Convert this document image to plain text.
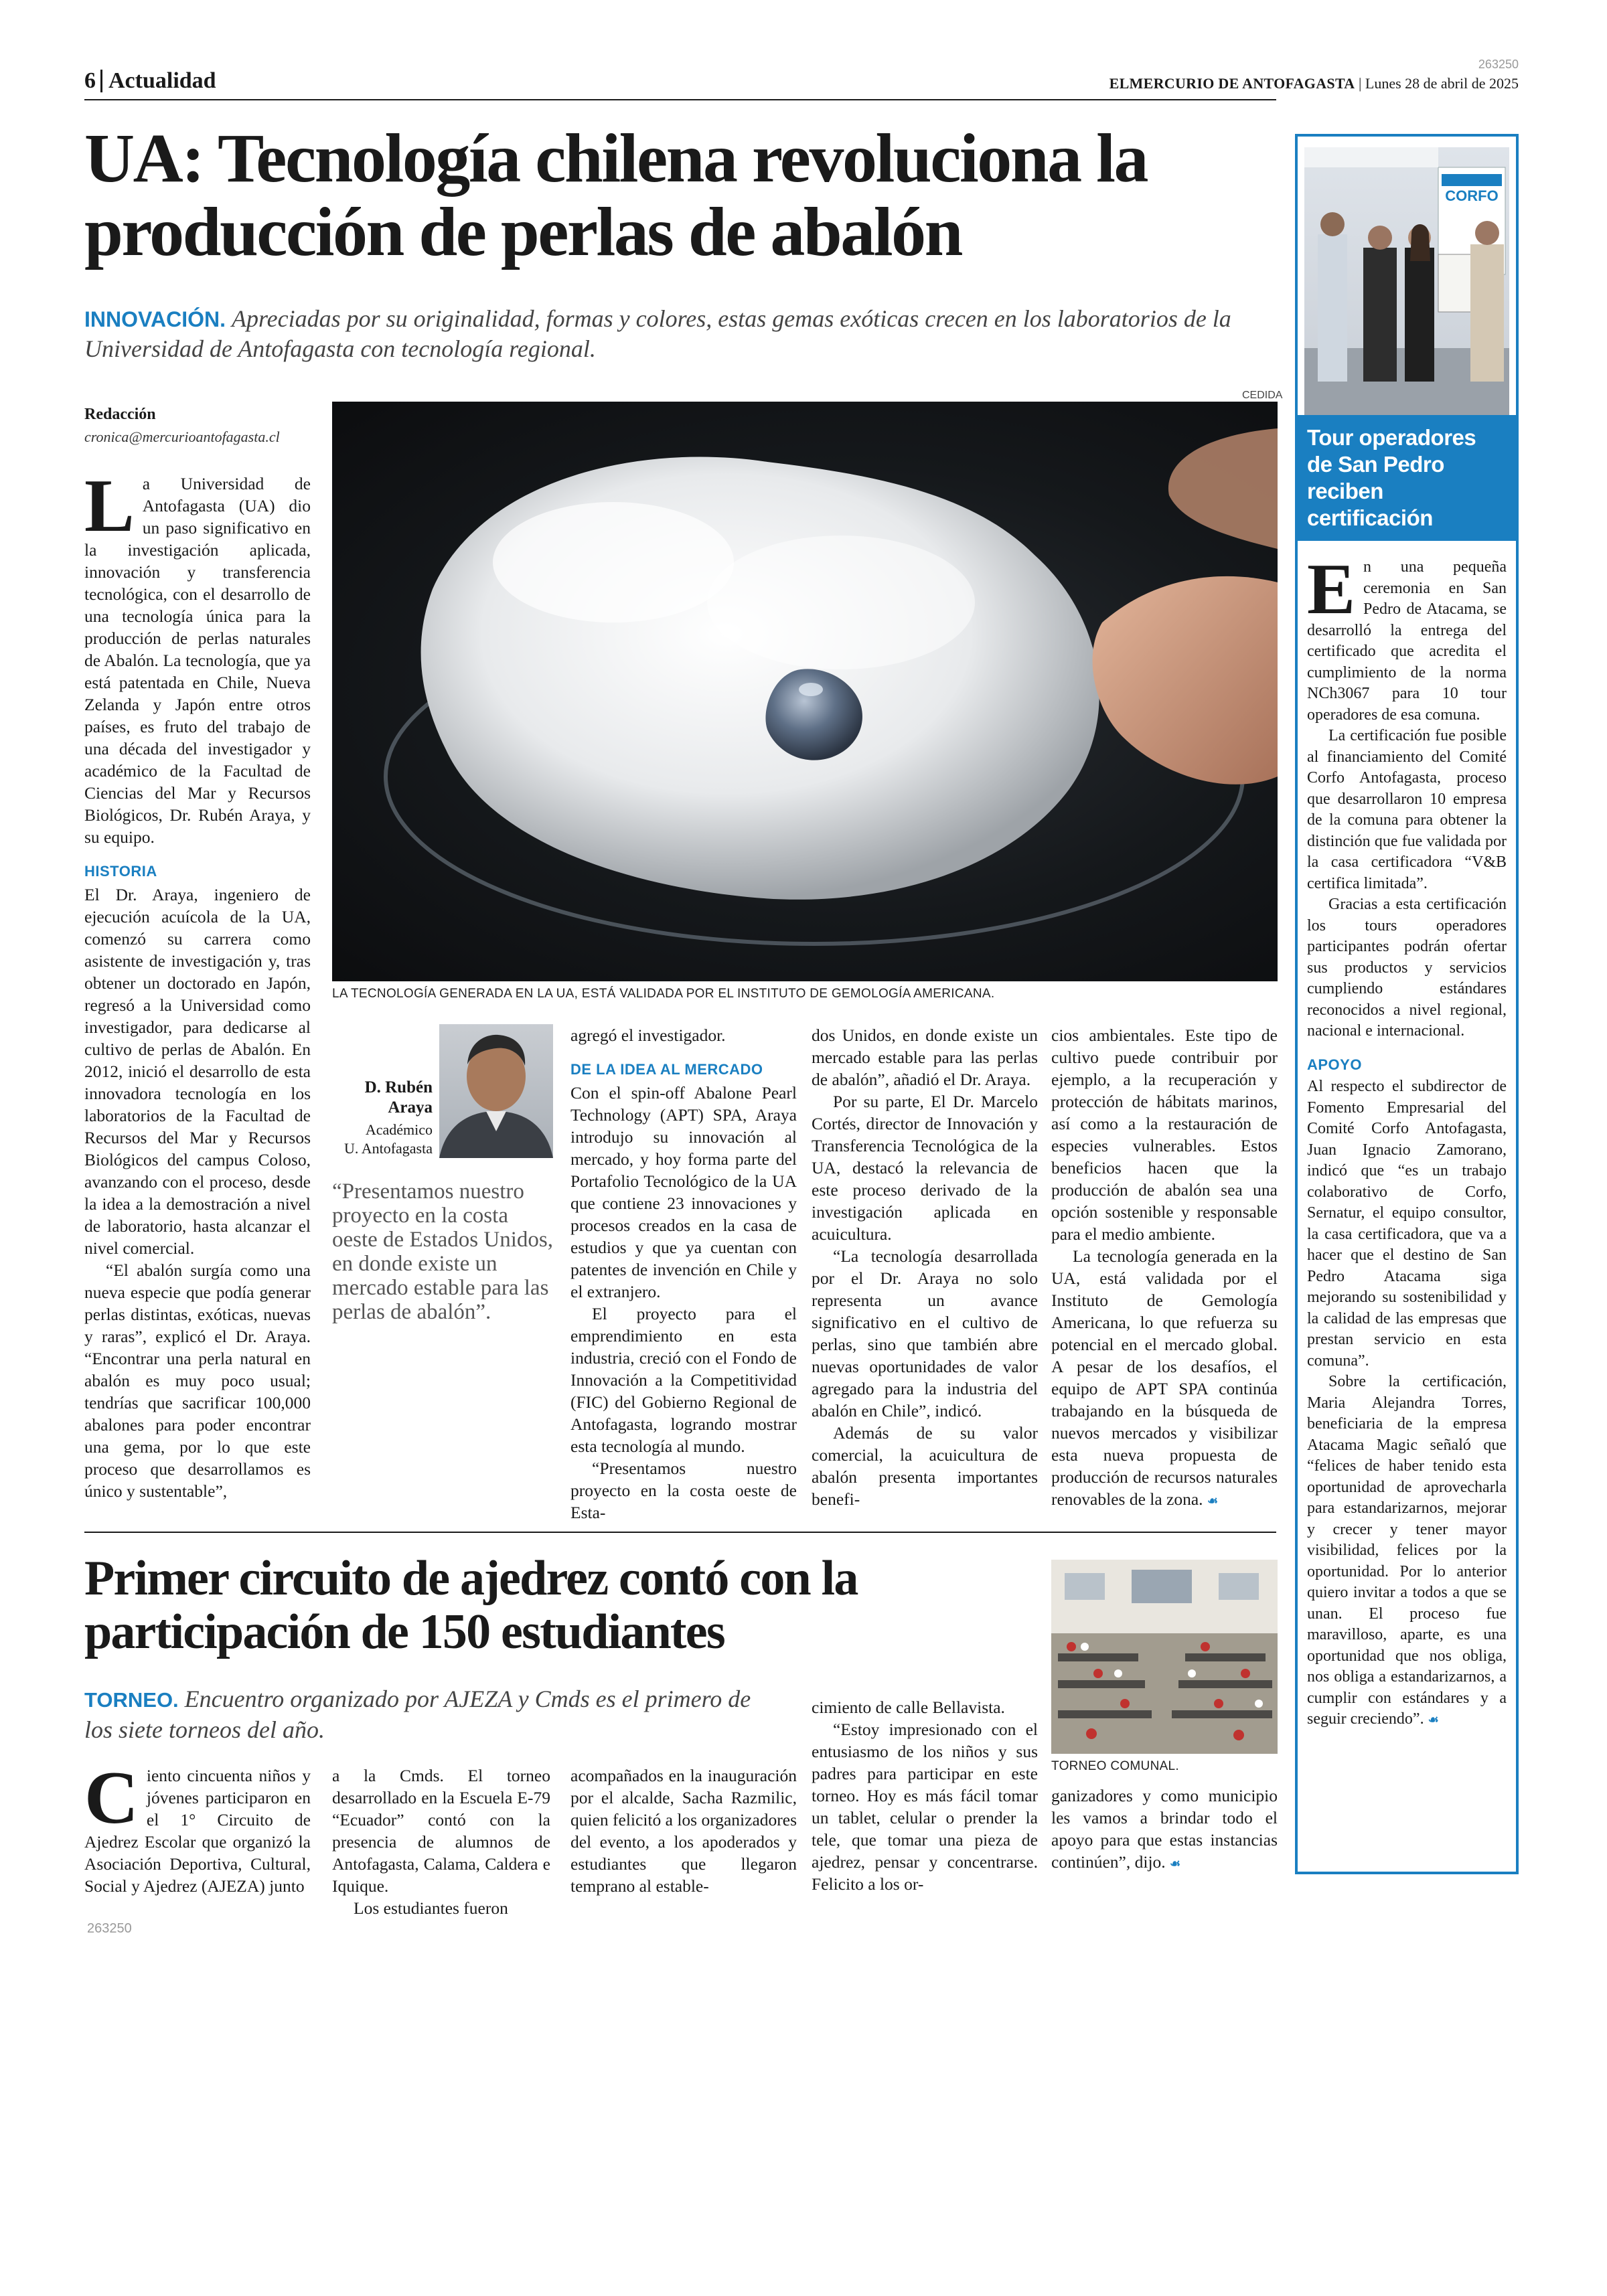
6 Actualidad	ELMERCURIO DE ANTOFAGASTA | Lunes 28 de abril de 2025
263250
UA: Tecnología chilena revoluciona la
producción de perlas de abalón
INNOVACIÓN. Apreciadas por su originalidad, formas y colores, estas gemas exóticas crecen en los laboratorios de la Universidad de Antofagasta con tecnología regional.
Redacción
cronica@mercurioantofagasta.cl
CEDIDA
LA TECNOLOGÍA GENERADA EN LA UA, ESTÁ VALIDADA POR EL INSTITUTO DE GEMOLOGÍA AMERICANA.

La Universidad de Antofagasta (UA) dio un paso significativo en la investigación aplicada, innovación y transferencia tecnológica, con el desarrollo de una tecnología única para la producción de perlas naturales de Abalón. La tecnología, que ya está patentada en Chile, Nueva Zelanda y Japón entre otros países, es fruto del trabajo de una década del investigador y académico de la Facultad de Ciencias del Mar y Recursos Biológicos, Dr. Rubén Araya, y su equipo.

HISTORIA

El Dr. Araya, ingeniero de ejecución acuícola de la UA, comenzó su carrera como asistente de investigación y, tras obtener un doctorado en Japón, regresó a la Universidad como investigador, para dedicarse al cultivo de perlas de Abalón. En 2012, inició el desarrollo de esta innovadora tecnología en los laboratorios de la Facultad de Recursos del Mar y Recursos Biológicos del campus Coloso, avanzando con el proceso, desde la idea a la demostración a nivel de laboratorio, hasta alcanzar el nivel comercial.

“El abalón surgía como una nueva especie que podía generar perlas distintas, exóticas, nuevas y raras”, explicó el Dr. Araya. “Encontrar una perla natural en abalón es muy poco usual; tendrías que sacrificar 100,000 abalones para poder encontrar una gema, por lo que este proceso que desarrollamos es único y sustentable”,

D. Rubén
Araya
Académico
U. Antofagasta
“Presentamos nuestro proyecto en la costa oeste de Estados Unidos, en donde existe un mercado estable para las perlas de abalón”.

agregó el investigador.

DE LA IDEA AL MERCADO

Con el spin-off Abalone Pearl Technology (APT) SPA, Araya introdujo su innovación al mercado, y hoy forma parte del Portafolio Tecnológico de la UA que contiene 23 innovaciones y procesos creados en la casa de estudios y que ya cuentan con patentes de invención en Chile y el extranjero.

El proyecto para el emprendimiento en esta industria, creció con el Fondo de Innovación a la Competitividad (FIC) del Gobierno Regional de Antofagasta, logrando mostrar esta tecnología al mundo.

“Presentamos nuestro proyecto en la costa oeste de Esta-

dos Unidos, en donde existe un mercado estable para las perlas de abalón”, añadió el Dr. Araya.

Por su parte, El Dr. Marcelo Cortés, director de Innovación y Transferencia Tecnológica de la UA, destacó la relevancia de este proceso derivado de la investigación aplicada en acuicultura.

“La tecnología desarrollada por el Dr. Araya no solo representa un avance significativo en el cultivo de perlas, sino que también abre nuevas oportunidades de valor agregado para la industria del abalón en Chile”, indicó.

Además de su valor comercial, la acuicultura de abalón presenta importantes benefi-

cios ambientales. Este tipo de cultivo puede contribuir por ejemplo, a la recuperación y protección de hábitats marinos, así como a la restauración de especies vulnerables. Estos beneficios hacen que la producción de abalón sea una opción sostenible y responsable para el medio ambiente.

La tecnología generada en la UA, está validada por el Instituto de Gemología Americana, lo que refuerza su potencial en el mercado global. A pesar de los desafíos, el equipo de APT SPA continúa trabajando en la búsqueda de nuevos mercados y visibilizar esta nueva propuesta de producción de recursos naturales renovables de la zona. ☙

CORFO
Tour operadores de San Pedro reciben certificación

En una pequeña ceremonia en San Pedro de Atacama, se desarrolló la entrega del certificado que acredita el cumplimiento de la norma NCh3067 para 10 tour operadores de esa comuna.

La certificación fue posible al financiamiento del Comité Corfo Antofagasta, proceso que desarrollaron 10 empresa de la comuna para obtener la distinción que fue validada por la casa certificadora “V&B certifica limitada”.

Gracias a esta certificación los tours operadores participantes podrán ofertar sus productos y servicios cumpliendo estándares reconocidos a nivel regional, nacional e internacional.

APOYO

Al respecto el subdirector de Fomento Empresarial del Comité Corfo Antofagasta, Juan Ignacio Zamorano, indicó que “es un trabajo colaborativo de Corfo, Sernatur, el equipo consultor, la casa certificadora, que va a hacer que el destino de San Pedro Atacama siga mejorando su sostenibilidad y la calidad de las empresas que prestan servicio en esta comuna”.

Sobre la certificación, Maria Alejandra Torres, beneficiaria de la empresa Atacama Magic señaló que “felices de haber tenido esta oportunidad de aprovecharla para estandarizarnos, mejorar y crecer y tener mayor visibilidad, felices por la oportunidad. Por lo anterior quiero invitar a todos a que se unan. El proceso fue maravilloso, aparte, es una oportunidad que nos obliga, nos obliga a estandarizarnos, a cumplir con estándares y a seguir creciendo”. ☙

Primer circuito de ajedrez contó con la
participación de 150 estudiantes
TORNEO. Encuentro organizado por AJEZA y Cmds es el primero de los siete torneos del año.
TORNEO COMUNAL.

Ciento cincuenta niños y jóvenes participaron en el 1° Circuito de Ajedrez Escolar que organizó la Asociación Deportiva, Cultural, Social y Ajedrez (AJEZA) junto

a la Cmds. El torneo desarrollado en la Escuela E-79 “Ecuador” contó con la presencia de alumnos de Antofagasta, Calama, Caldera e Iquique.

Los estudiantes fueron

acompañados en la inauguración por el alcalde, Sacha Razmilic, quien felicitó a los organizadores del evento, a los apoderados y estudiantes que llegaron temprano al estable-

cimiento de calle Bellavista.

“Estoy impresionado con el entusiasmo de los niños y sus padres para participar en este torneo. Hoy es más fácil tomar un tablet, celular o prender la tele, que tomar una pieza de ajedrez, pensar y concentrarse. Felicito a los or-

ganizadores y como municipio les vamos a brindar todo el apoyo para que estas instancias continúen”, dijo. ☙

263250
